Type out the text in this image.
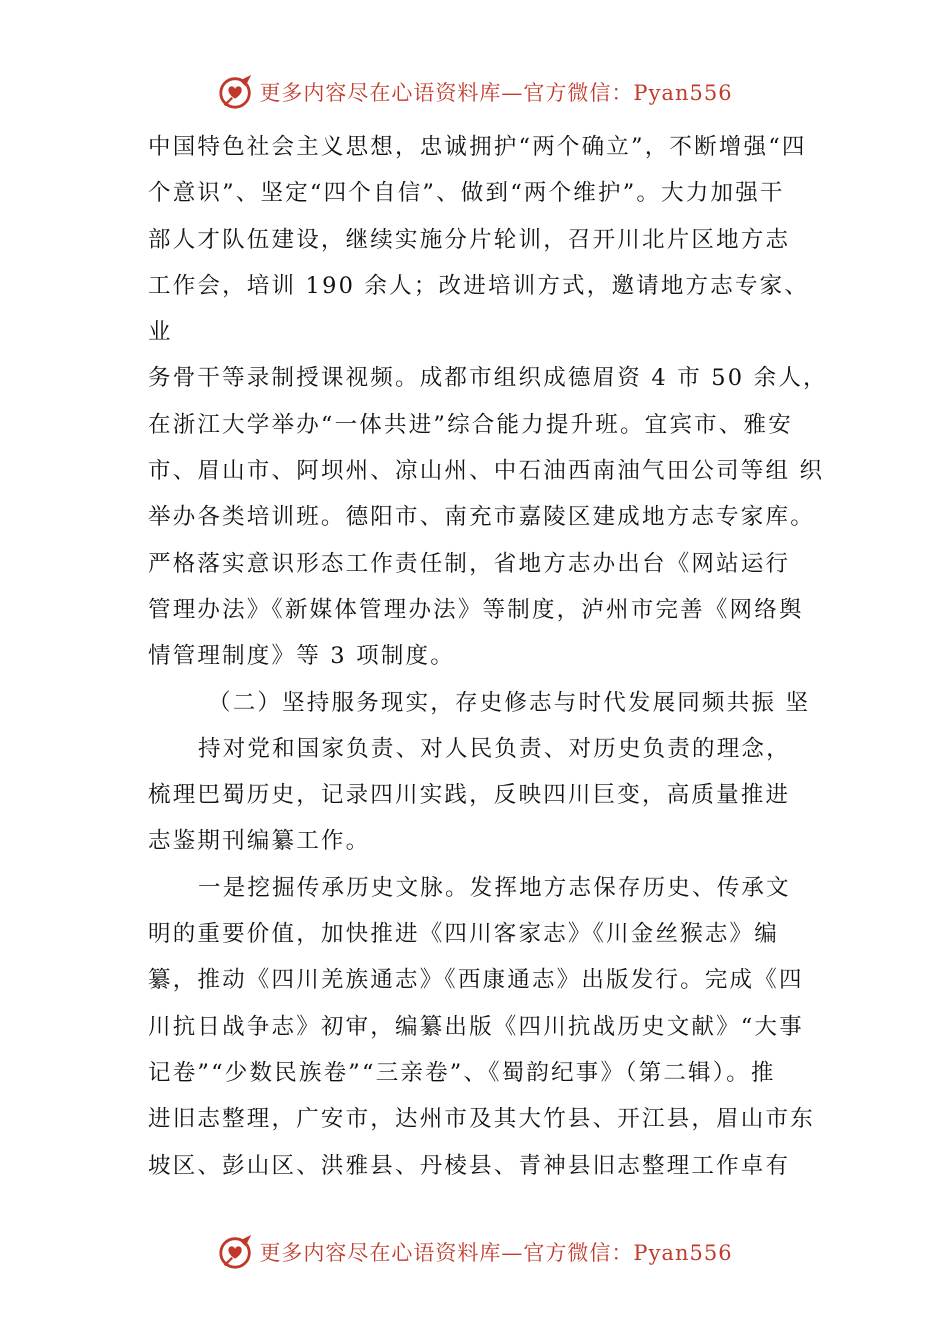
更多内容尽在心语资料库—官方微信：Pyan556
中国特色社会主义思想，忠诚拥护“两个确立”，不断增强“四
个意识”、坚定“四个自信”、做到“两个维护”。大力加强干
部人才队伍建设，继续实施分片轮训，召开川北片区地方志
工作会，培训 190 余人；改进培训方式，邀请地方志专家、
业
务骨干等录制授课视频。成都市组织成德眉资 4 市 50 余人，
在浙江大学举办“一体共进”综合能力提升班。宜宾市、雅安
市、眉山市、阿坝州、凉山州、中石油西南油气田公司等组 织
举办各类培训班。德阳市、南充市嘉陵区建成地方志专家库。
严格落实意识形态工作责任制，省地方志办出台《网站运行
管理办法》《新媒体管理办法》等制度，泸州市完善《网络舆
情管理制度》等 3 项制度。
（二）坚持服务现实，存史修志与时代发展同频共振 坚
持对党和国家负责、对人民负责、对历史负责的理念，
梳理巴蜀历史，记录四川实践，反映四川巨变，高质量推进
志鉴期刊编纂工作。
一是挖掘传承历史文脉。发挥地方志保存历史、传承文
明的重要价值，加快推进《四川客家志》《川金丝猴志》编
纂，推动《四川羌族通志》《西康通志》出版发行。完成《四
川抗日战争志》初审，编纂出版《四川抗战历史文献》“大事
记卷”“少数民族卷”“三亲卷”、《蜀韵纪事》（第二辑）。推
进旧志整理，广安市，达州市及其大竹县、开江县，眉山市东
坡区、彭山区、洪雅县、丹棱县、青神县旧志整理工作卓有
更多内容尽在心语资料库—官方微信：Pyan556
